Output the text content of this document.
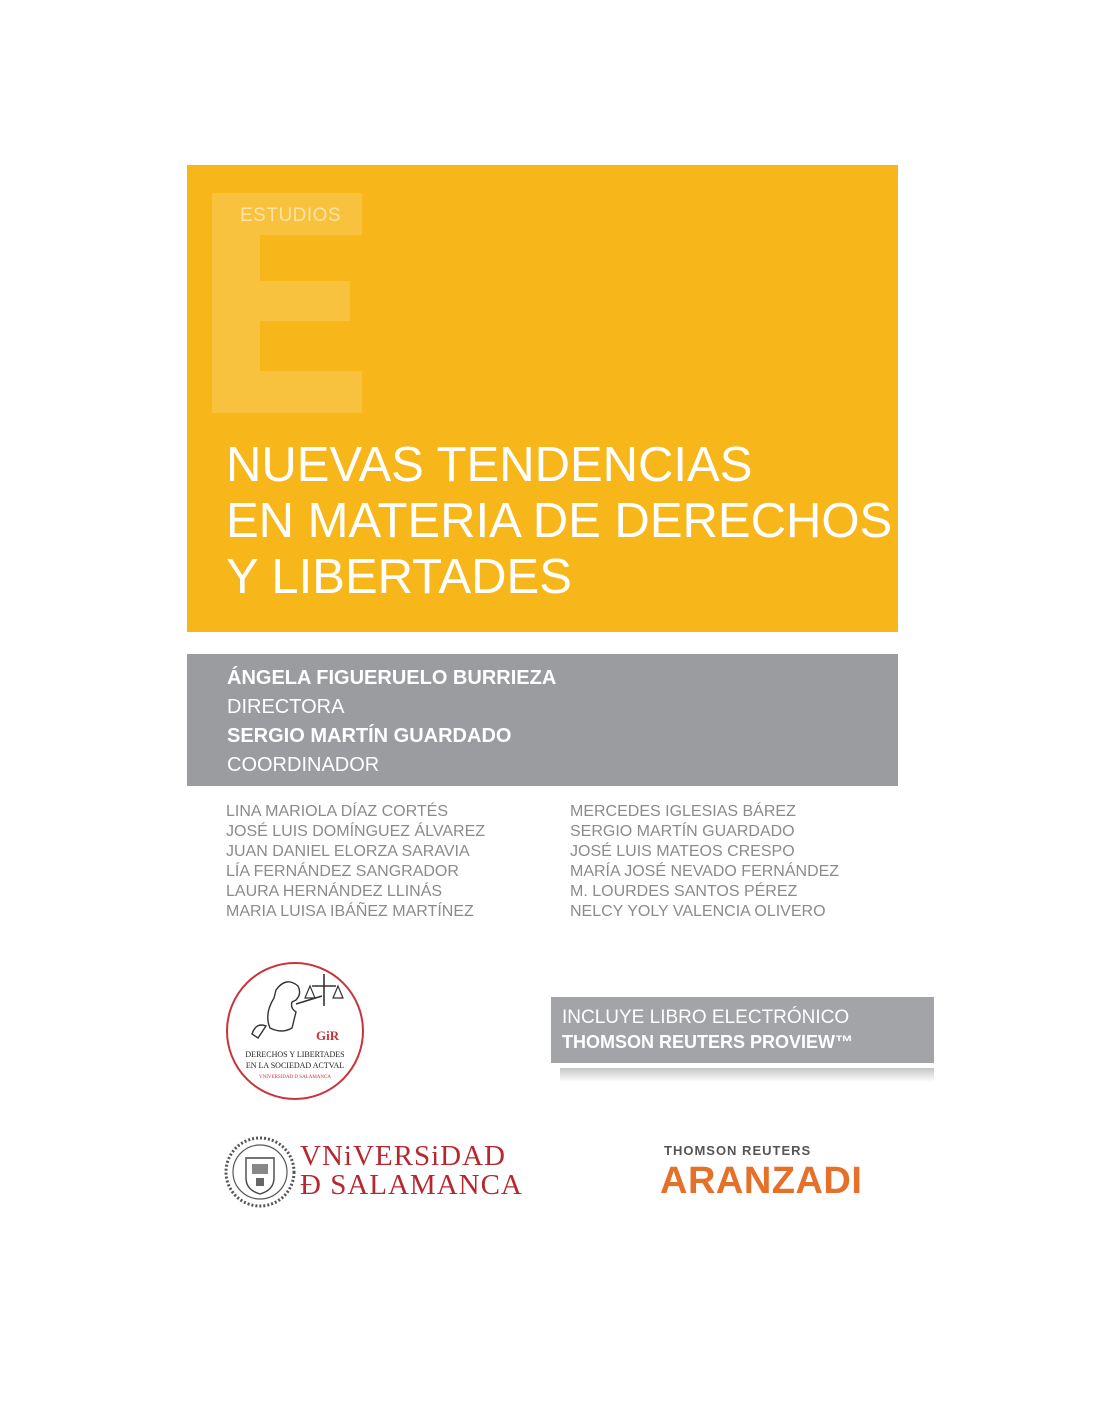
ESTUDIOS
NUEVAS TENDENCIAS
EN MATERIA DE DERECHOS
Y LIBERTADES
ÁNGELA FIGUERUELO BURRIEZA
DIRECTORA
SERGIO MARTÍN GUARDADO
COORDINADOR
LINA MARIOLA DÍAZ CORTÉS
JOSÉ LUIS DOMÍNGUEZ ÁLVAREZ
JUAN DANIEL ELORZA SARAVIA
LÍA FERNÁNDEZ SANGRADOR
LAURA HERNÁNDEZ LLINÁS
MARIA LUISA IBÁÑEZ MARTÍNEZ
MERCEDES IGLESIAS BÁREZ
SERGIO MARTÍN GUARDADO
JOSÉ LUIS MATEOS CRESPO
MARÍA JOSÉ NEVADO FERNÁNDEZ
M. LOURDES SANTOS PÉREZ
NELCY YOLY VALENCIA OLIVERO
GiR
DERECHOS Y LIBERTADES
EN LA SOCIEDAD ACTVAL
VNIVERSIDAD D SALAMANCA
INCLUYE LIBRO ELECTRÓNICO
THOMSON REUTERS PROVIEW™
VNiVERSiDAD
Ð SALAMANCA
THOMSON REUTERS
ARANZADI
